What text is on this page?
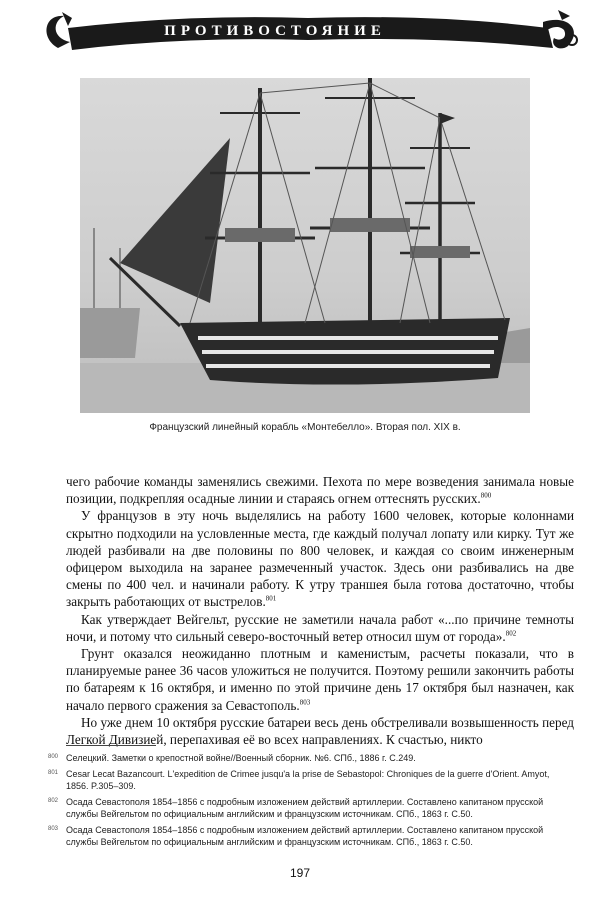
ПРОТИВОСТОЯНИЕ
Французский линейный корабль «Монтебелло». Вторая пол. XIX в.

чего рабочие команды заменялись свежими. Пехота по мере возведения занимала новые позиции, подкрепляя осадные линии и стараясь огнем оттеснять русских.$^{800}$

У французов в эту ночь выделялись на работу 1600 человек, которые колоннами скрытно подходили на условленные места, где каждый получал лопату или кирку. Тут же людей разбивали на две половины по 800 человек, и каждая со своим инженерным офицером выходила на заранее размеченный участок. Здесь они разбивались на две смены по 400 чел. и начинали работу. К утру траншея была готова достаточно, чтобы закрыть работающих от выстрелов.$^{801}$

Как утверждает Вейгельт, русские не заметили начала работ «...по причине темноты ночи, и потому что сильный северо-восточный ветер относил шум от города».$^{802}$

Грунт оказался неожиданно плотным и каменистым, расчеты показали, что в планируемые ранее 36 часов уложиться не получится. Поэтому решили закончить работы по батареям к 16 октября, и именно по этой причине день 17 октября был назначен, как начало первого сражения за Севастополь.$^{803}$

Но уже днем 10 октября русские батареи весь день обстреливали возвышенность перед Легкой Дивизией, перепахивая её во всех направлениях. К счастью, никто

800 Селецкий. Заметки о крепостной войне//Военный сборник. №6. СПб., 1886 г. С.249.
801 Cesar Lecat Bazancourt. L'expedition de Crimee jusqu'a la prise de Sebastopol: Chroniques de la guerre d'Orient. Amyot, 1856. P.305–309.
802 Осада Севастополя 1854–1856 с подробным изложением действий артиллерии. Составлено капитаном прусской службы Вейгельтом по официальным английским и французским источникам. СПб., 1863 г. С.50.
803 Осада Севастополя 1854–1856 с подробным изложением действий артиллерии. Составлено капитаном прусской службы Вейгельтом по официальным английским и французским источникам. СПб., 1863 г. С.50.
197
